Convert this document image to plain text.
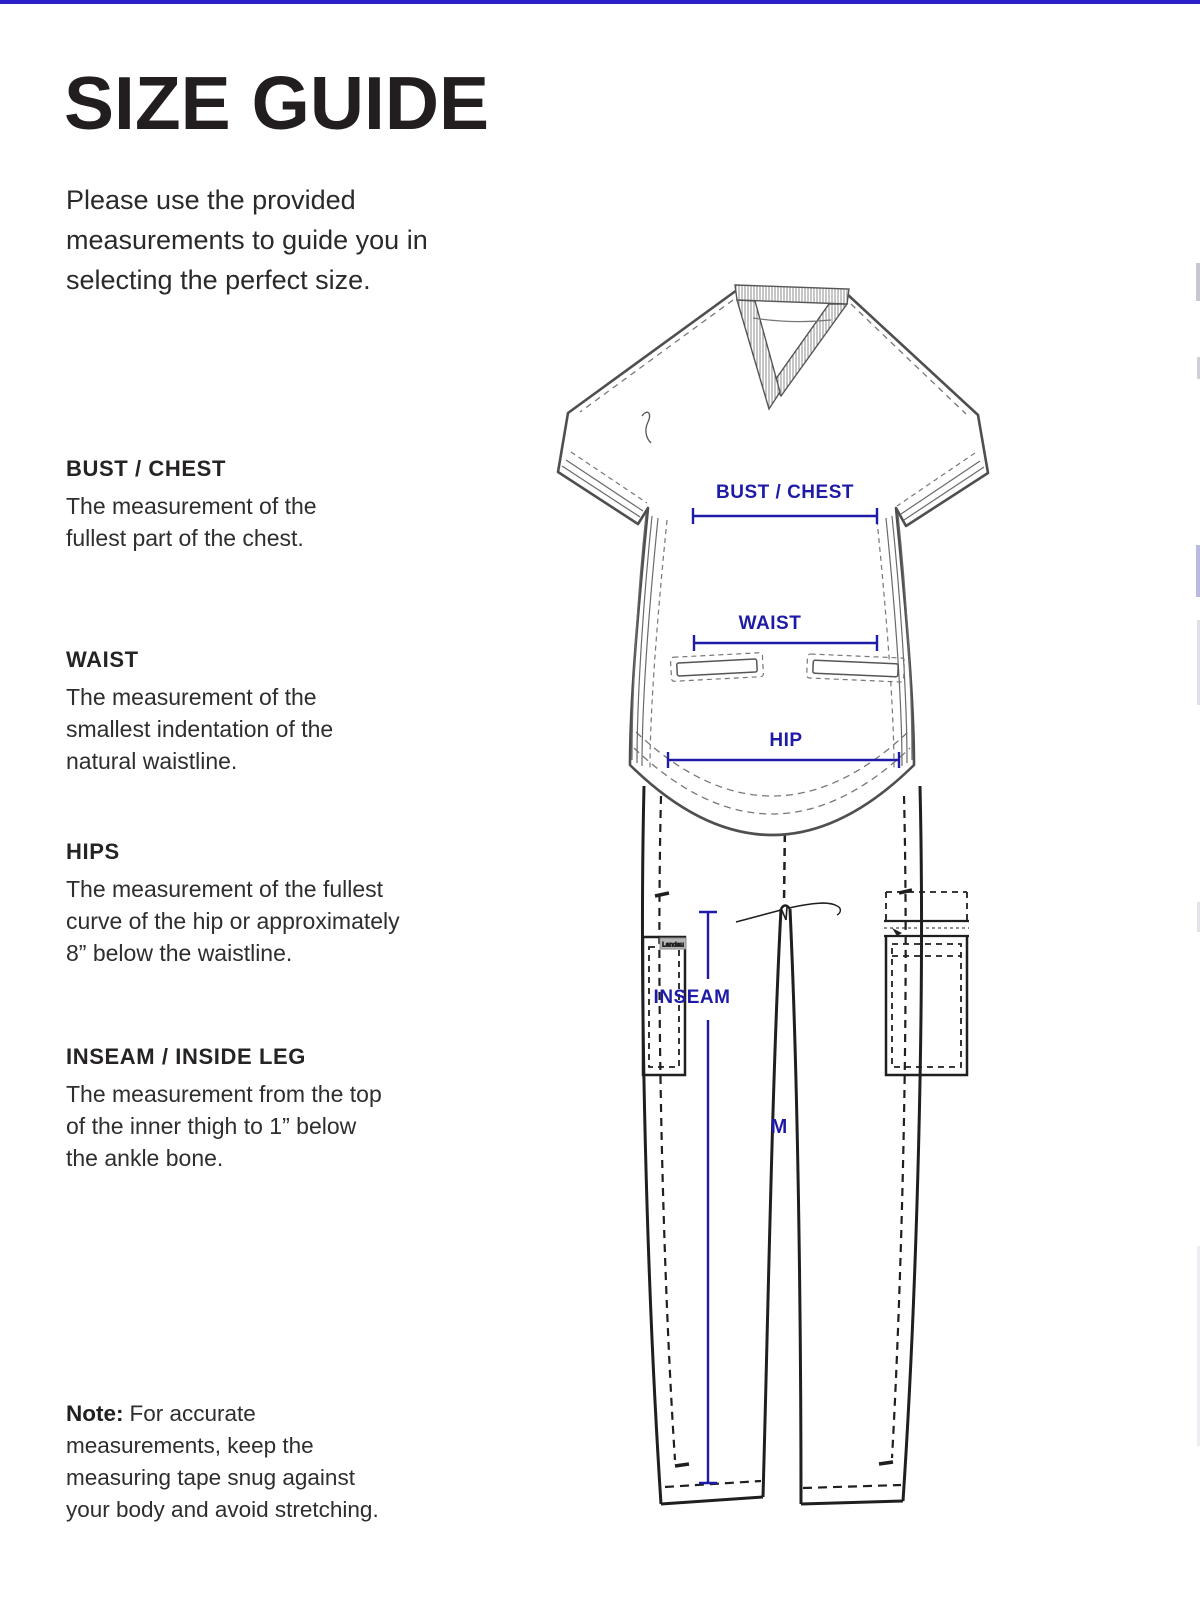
SIZE GUIDE

Please use the provided
measurements to guide you in
selecting the perfect size.

BUST / CHEST
The measurement of the
fullest part of the chest.
WAIST
The measurement of the
smallest indentation of the
natural waistline.
HIPS
The measurement of the fullest
curve of the hip or approximately
8” below the waistline.
INSEAM / INSIDE LEG
The measurement from the top
of the inner thigh to 1” below
the ankle bone.
Note: For accurate
measurements, keep the
measuring tape snug against
your body and avoid stretching.
Landau
BUST / CHEST
WAIST
HIP
INSEAM
M
